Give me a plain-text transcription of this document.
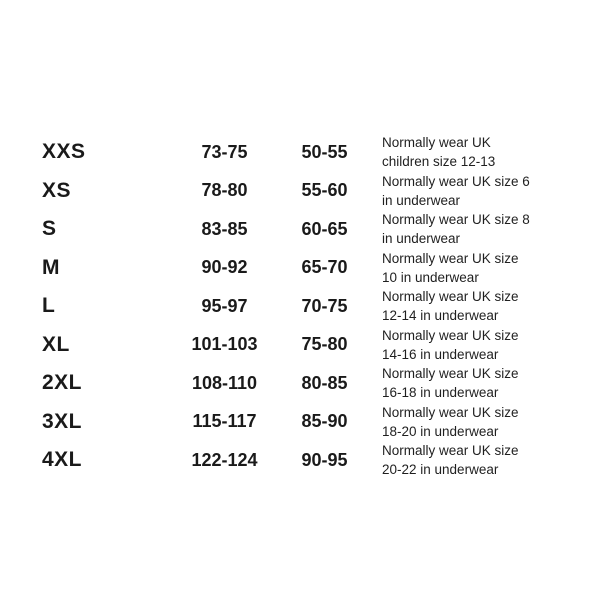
XXS	73-75	50-55	Normally wear UK
children size 12-13
XS	78-80	55-60	Normally wear UK size 6
in underwear
S	83-85	60-65	Normally wear UK size 8
in underwear
M	90-92	65-70	Normally wear UK size
10 in underwear
L	95-97	70-75	Normally wear UK size
12-14 in underwear
XL	101-103	75-80	Normally wear UK size
14-16 in underwear
2XL	108-110	80-85	Normally wear UK size
16-18 in underwear
3XL	115-117	85-90	Normally wear UK size
18-20 in underwear
4XL	122-124	90-95	Normally wear UK size
20-22 in underwear
